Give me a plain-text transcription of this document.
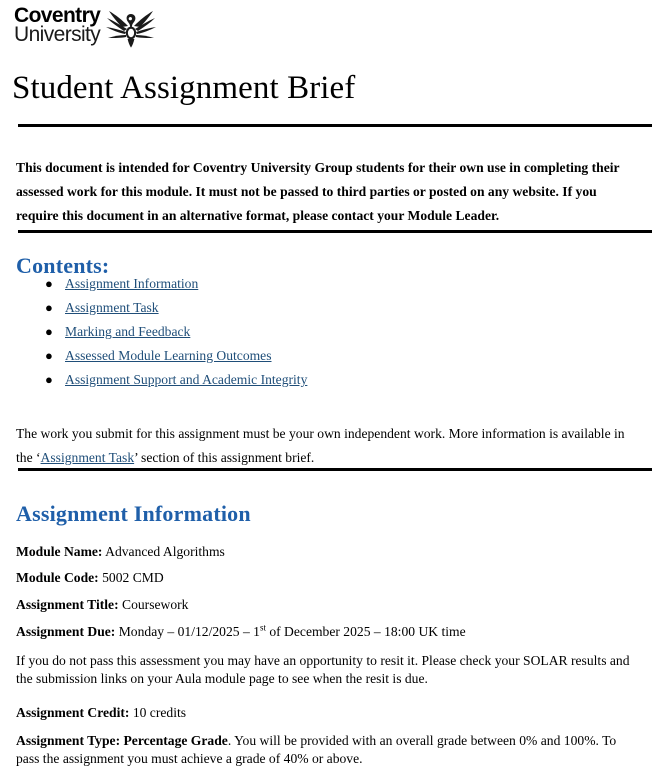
Coventry
University
Student Assignment Brief

This document is intended for Coventry University Group students for their own use in completing their assessed work for this module. It must not be passed to third parties or posted on any website. If you require this document in an alternative format, please contact your Module Leader.

Contents:
● Assignment Information
● Assignment Task
● Marking and Feedback
● Assessed Module Learning Outcomes
● Assignment Support and Academic Integrity

The work you submit for this assignment must be your own independent work. More information is available in the ‘Assignment Task’ section of this assignment brief.

Assignment Information

Module Name: Advanced Algorithms

Module Code: 5002 CMD

Assignment Title: Coursework

Assignment Due: Monday – 01/12/2025 – 1st of December 2025 – 18:00 UK time

If you do not pass this assessment you may have an opportunity to resit it. Please check your SOLAR results and the submission links on your Aula module page to see when the resit is due.

Assignment Credit: 10 credits

Assignment Type: Percentage Grade. You will be provided with an overall grade between 0% and 100%. To pass the assignment you must achieve a grade of 40% or above.
